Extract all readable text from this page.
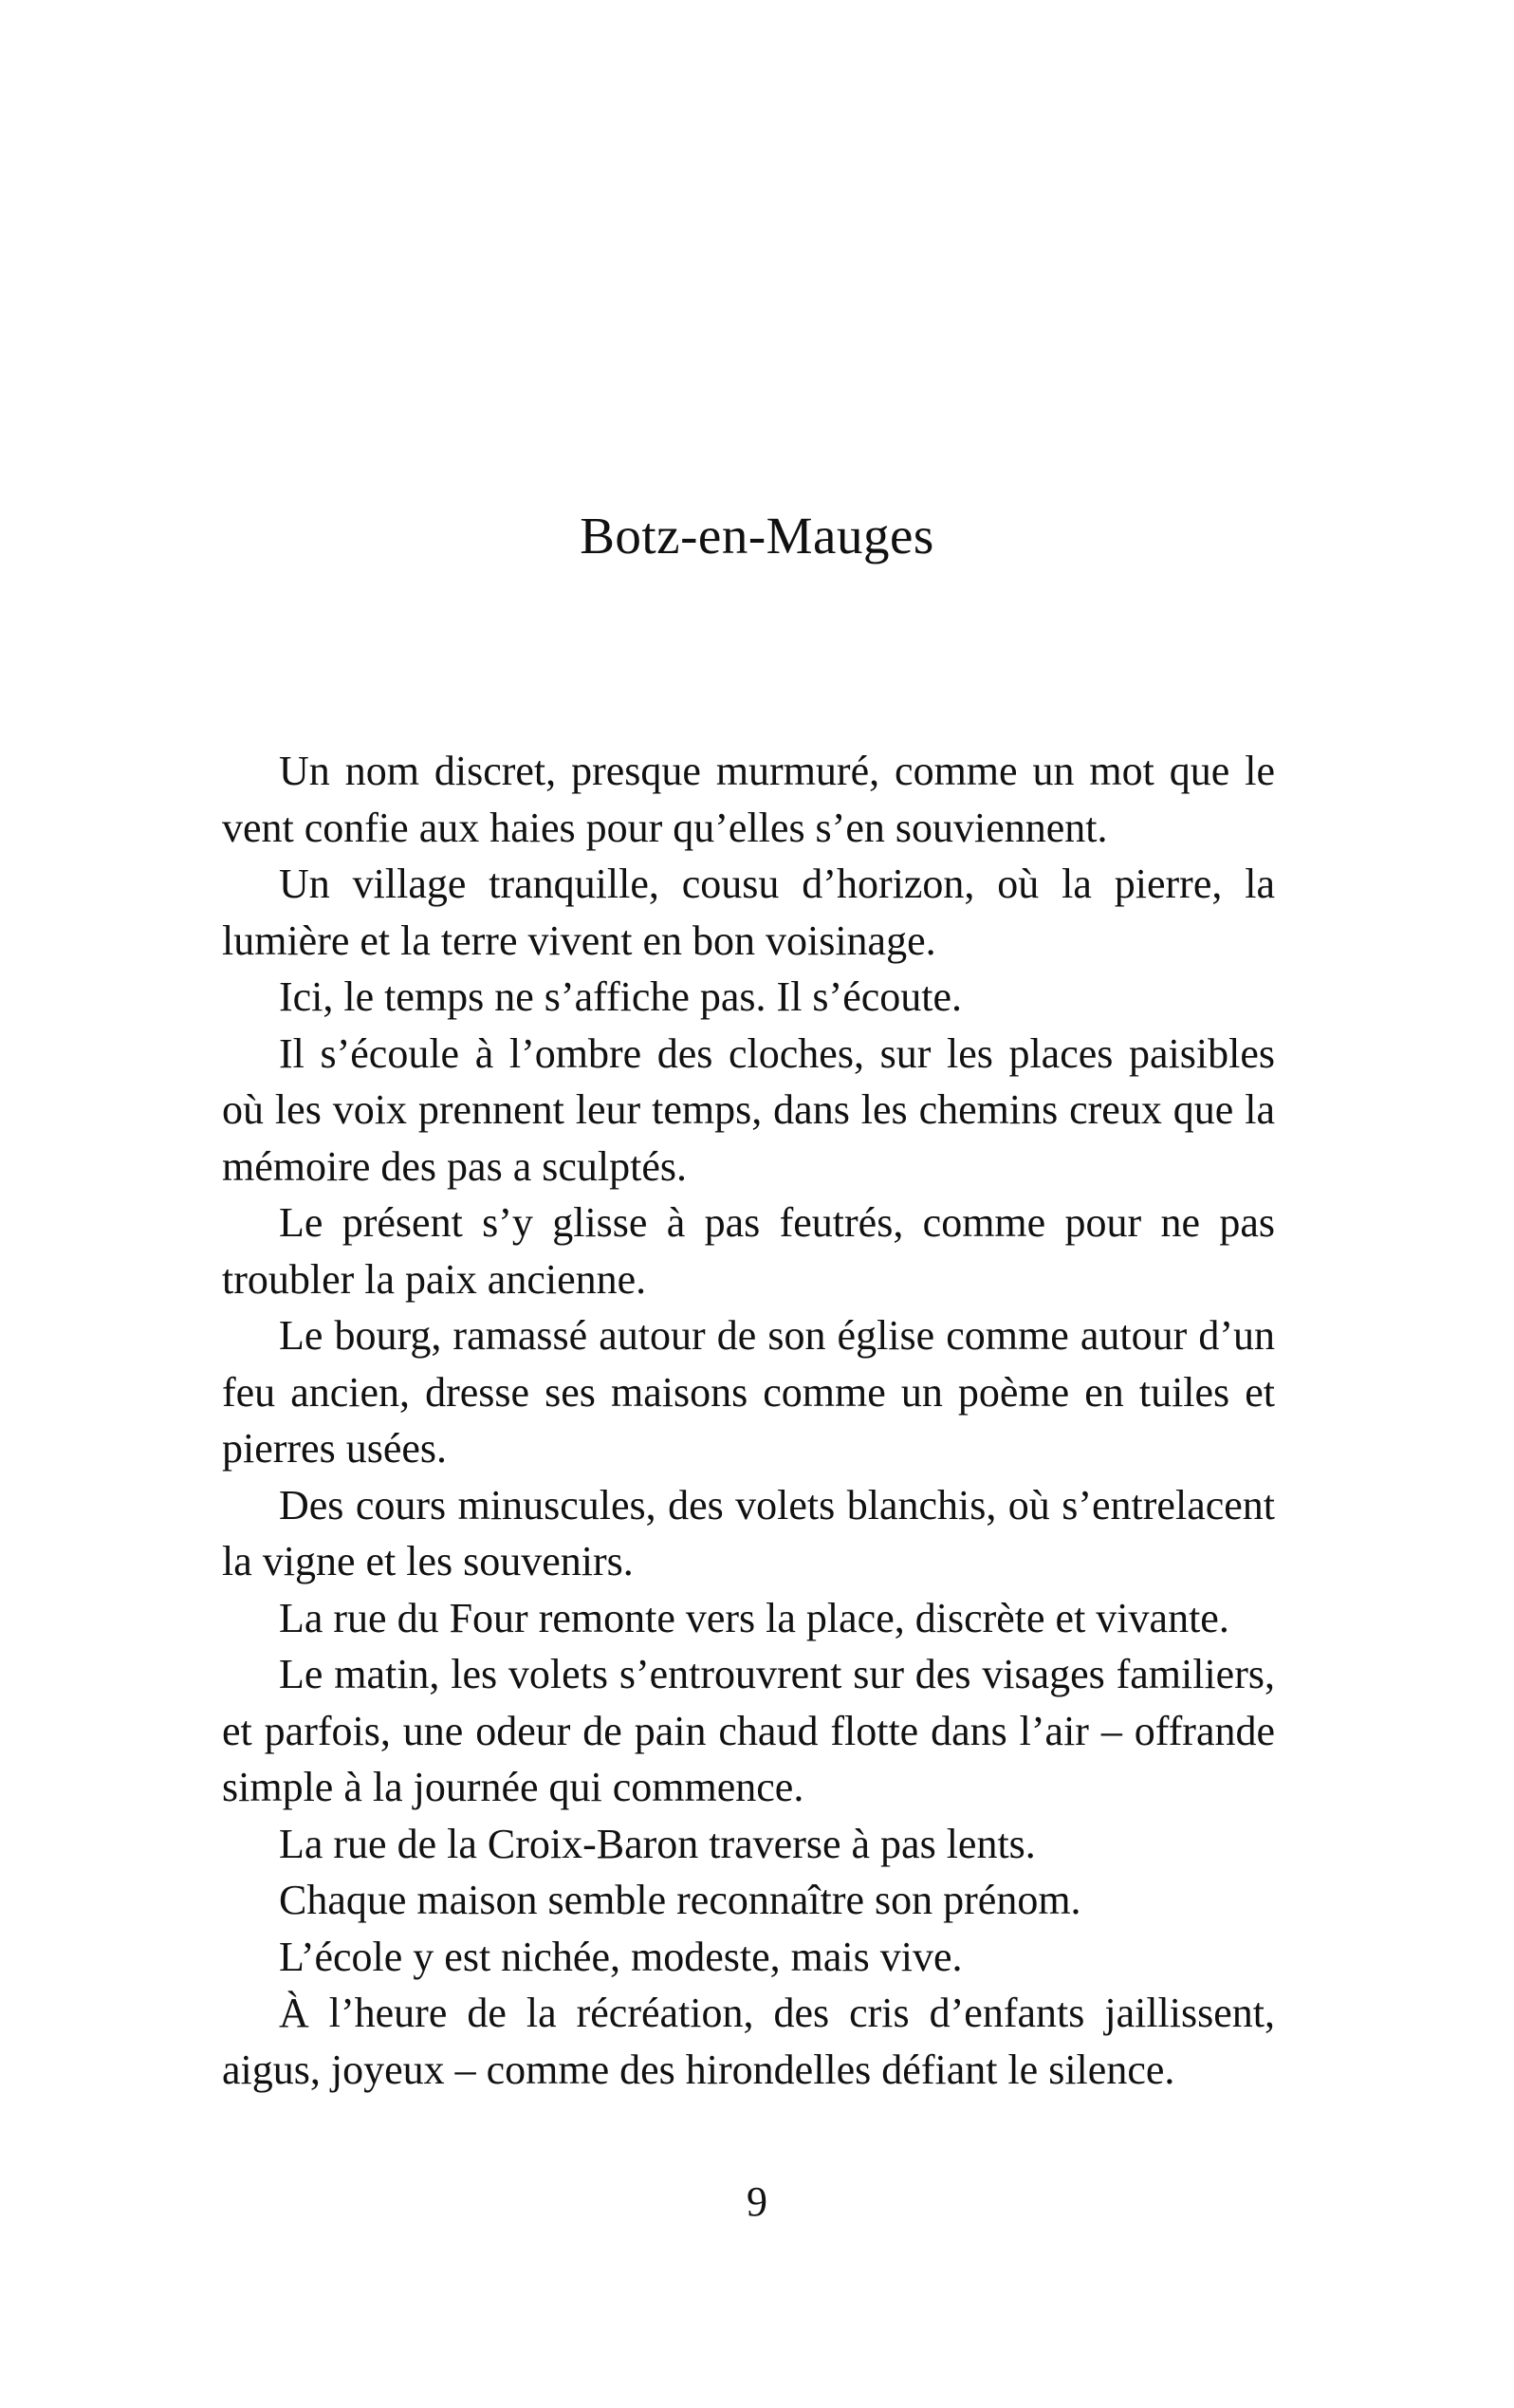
Botz-en-Mauges

Un nom discret, presque murmuré, comme un mot que le vent confie aux haies pour qu’elles s’en souviennent.

Un village tranquille, cousu d’horizon, où la pierre, la lumière et la terre vivent en bon voisinage.

Ici, le temps ne s’affiche pas. Il s’écoute.

Il s’écoule à l’ombre des cloches, sur les places paisibles où les voix prennent leur temps, dans les chemins creux que la mémoire des pas a sculptés.

Le présent s’y glisse à pas feutrés, comme pour ne pas troubler la paix ancienne.

Le bourg, ramassé autour de son église comme autour d’un feu ancien, dresse ses maisons comme un poème en tuiles et pierres usées.

Des cours minuscules, des volets blanchis, où s’entrelacent la vigne et les souvenirs.

La rue du Four remonte vers la place, discrète et vivante.

Le matin, les volets s’entrouvrent sur des visages familiers, et parfois, une odeur de pain chaud flotte dans l’air – offrande simple à la journée qui commence.

La rue de la Croix-Baron traverse à pas lents.

Chaque maison semble reconnaître son prénom.

L’école y est nichée, modeste, mais vive.

À l’heure de la récréation, des cris d’enfants jaillissent, aigus, joyeux – comme des hirondelles défiant le silence.

9
